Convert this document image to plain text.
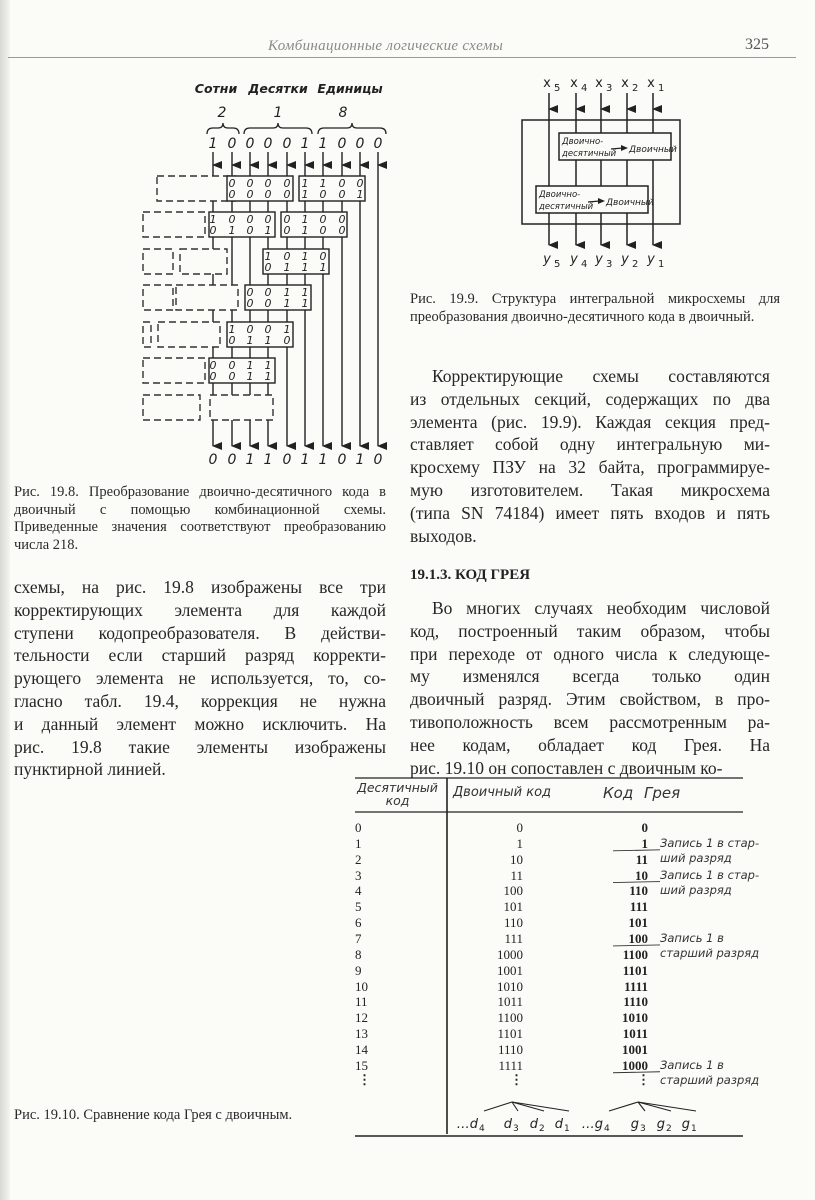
Комбинационные логические схемы	325
Сотни Десятки Единицы
2	1	8
1 0 0 0 0 1 1 0 0 0
0 0 1 1 0 1 1 0 1 0
0
0
0
0
0
0
0
0
1
1
1
0
0
0
0
1
1
0
0
1
0
0
0
1
0
0
1
1
0
0
0
0
1
0
0
1
1
1
0
1
0
0
0
0
1
1
1
1
1
0
0
1
0
1
1
0
0
0
0
0
1
1
1
1
Рис. 19.8. Преобразование двоично-десятичного кода в двоичный с помощью комбинационной схемы. Приведенные значения соответствуют преобразованию числа 218.
x 5
y 5
x 4
y 4
x 3
y 3
x 2
y 2
x 1
y 1
Двоично-
десятичный Двоичный
Двоично-
десятичный Двоичный
Рис. 19.9. Структура интегральной микросхемы для преобразования двоично-десятичного кода в двоичный.
Корректирующие схемы составляются
из отдельных секций, содержащих по два
элемента (рис. 19.9). Каждая секция пред-
ставляет собой одну интегральную ми-
кросхему ПЗУ на 32 байта, программируе-
мую изготовителем. Такая микросхема
(типа SN 74184) имеет пять входов и пять
выходов.
схемы, на рис. 19.8 изображены все три
корректирующих элемента для каждой
ступени кодопреобразователя. В действи-
тельности если старший разряд корректи-
рующего элемента не используется, то, со-
гласно табл. 19.4, коррекция не нужна
и данный элемент можно исключить. На
рис. 19.8 такие элементы изображены
пунктирной линией.
19.1.3. КОД ГРЕЯ
Во многих случаях необходим числовой
код, построенный таким образом, чтобы
при переходе от одного числа к следующе-
му изменялся всегда только один
двоичный разряд. Этим свойством, в про-
тивоположность всем рассмотренным ра-
нее кодам, обладает код Грея. На
рис. 19.10 он сопоставлен с двоичным ко-
…d 4 d 3 d 2 d 1 …g 4 g 3 g 2 g 1
Десятичный
код
Двоичный код	Код Грея
0	0	0
1	1	1
2	10	11
3	11	10
4	100	110
5	101	111
6	110	101
7	111	100
8	1000	1100
9	1001	1101
10	1010	1111
11	1011	1110
12	1100	1010
13	1101	1011
14	1110	1001
15	1111	1000
Запись 1 в стар-
ший разряд
Запись 1 в стар-
ший разряд
Запись 1 в
старший разряд
Запись 1 в
старший разряд
⋮	⋮	⋮
Рис. 19.10. Сравнение кода Грея с двоичным.
